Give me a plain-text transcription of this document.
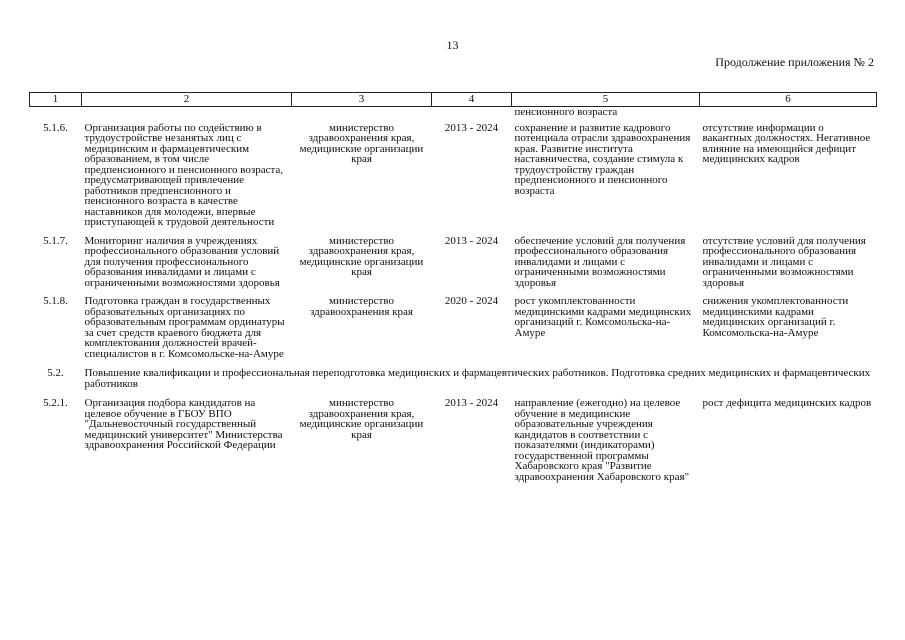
13
Продолжение приложения № 2
1	2	3	4	5	6
				пенсионного возраста	
5.1.6.	Организация работы по содействию в трудоустройстве незанятых лиц с медицинским и фармацевтическим образованием, в том числе предпенсионного и пенсионного возраста, предусматривающей привлечение работников предпенсионного и пенсионного возраста в качестве наставников для молодежи, впервые приступающей к трудовой деятельности	министерство здравоохранения края, медицинские организации края	2013 - 2024	сохранение и развитие кадрового потенциала отрасли здравоохранения края. Развитие института наставничества, создание стимула к трудоустройству граждан предпенсионного и пенсионного возраста	отсутствие информации о вакантных должностях. Негативное влияние на имеющийся дефицит медицинских кадров
5.1.7.	Мониторинг наличия в учреждениях профессионального образования условий для получения профессионального образования инвалидами и лицами с ограниченными возможностями здоровья	министерство здравоохранения края, медицинские организации края	2013 - 2024	обеспечение условий для получения профессионального образования инвалидами и лицами с ограниченными возможностями здоровья	отсутствие условий для получения профессионального образования инвалидами и лицами с ограниченными возможностями здоровья
5.1.8.	Подготовка граждан в государственных образовательных организациях по образовательным программам ординатуры за счет средств краевого бюджета для комплектования должностей врачей-специалистов в г. Комсомольске-на-Амуре	министерство здравоохранения края	2020 - 2024	рост укомплектованности медицинскими кадрами медицинских организаций г. Комсомольска-на-Амуре	снижения укомплектованности медицинскими кадрами медицинских организаций г. Комсомольска-на-Амуре
5.2.	Повышение квалификации и профессиональная переподготовка медицинских и фармацевтических работников. Подготовка средних медицинских и фармацевтических работников				
5.2.1.	Организация подбора кандидатов на целевое обучение в ГБОУ ВПО "Дальневосточный государственный медицинский университет" Министерства здравоохранения Российской Федерации	министерство здравоохранения края, медицинские организации края	2013 - 2024	направление (ежегодно) на целевое обучение в медицинские образовательные учреждения кандидатов в соответствии с показателями (индикаторами) государственной программы Хабаровского края "Развитие здравоохранения Хабаровского края"	рост дефицита медицинских кадров
